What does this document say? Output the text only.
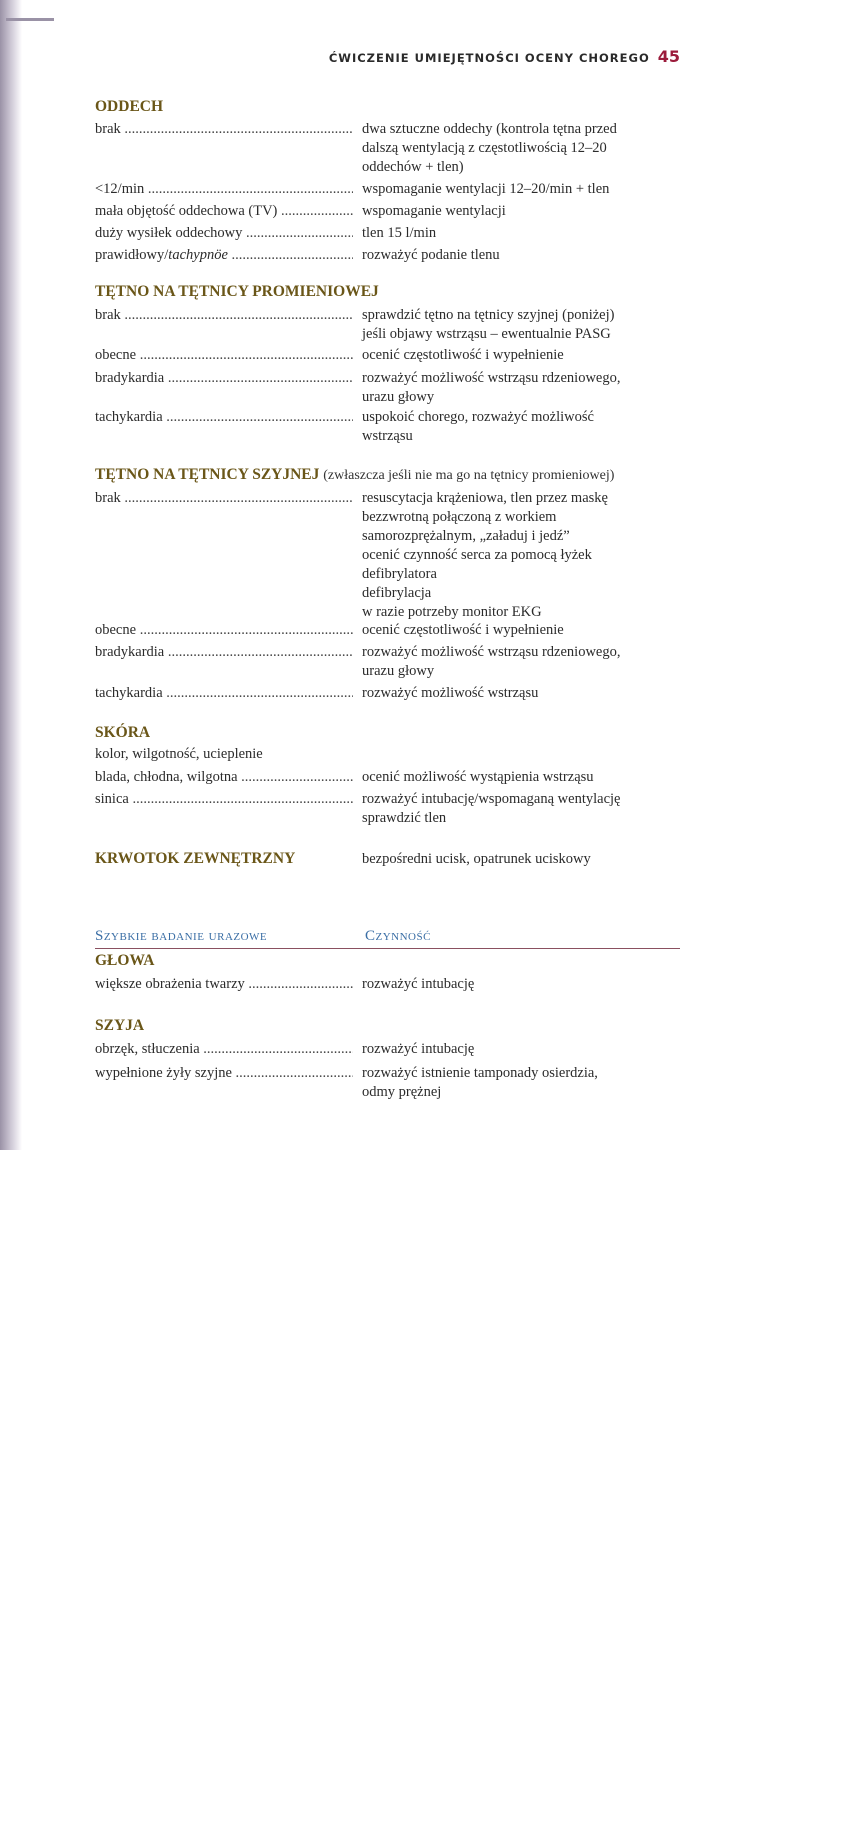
ĆWICZENIE UMIEJĘTNOŚCI OCENY CHOREGO 45
ODDECH
brak .....	dwa sztuczne oddechy (kontrola tętna przed
dalszą wentylacją z częstotliwością 12–20
oddechów + tlen)
<12/min .....	wspomaganie wentylacji 12–20/min + tlen
mała objętość oddechowa (TV) .....	wspomaganie wentylacji
duży wysiłek oddechowy .....	tlen 15 l/min
prawidłowy/tachypnöe .....	rozważyć podanie tlenu
TĘTNO NA TĘTNICY PROMIENIOWEJ
brak .....	sprawdzić tętno na tętnicy szyjnej (poniżej)
jeśli objawy wstrząsu – ewentualnie PASG
obecne .....	ocenić częstotliwość i wypełnienie
bradykardia .....	rozważyć możliwość wstrząsu rdzeniowego,
urazu głowy
tachykardia .....	uspokoić chorego, rozważyć możliwość
wstrząsu
TĘTNO NA TĘTNICY SZYJNEJ (zwłaszcza jeśli nie ma go na tętnicy promieniowej)
brak .....	resuscytacja krążeniowa, tlen przez maskę
bezzwrotną połączoną z workiem
samorozprężalnym, „załaduj i jedź”
ocenić czynność serca za pomocą łyżek
defibrylatora
defibrylacja
w razie potrzeby monitor EKG
obecne .....	ocenić częstotliwość i wypełnienie
bradykardia .....	rozważyć możliwość wstrząsu rdzeniowego,
urazu głowy
tachykardia .....	rozważyć możliwość wstrząsu
SKÓRA
kolor, wilgotność, ucieplenie
blada, chłodna, wilgotna .....	ocenić możliwość wystąpienia wstrząsu
sinica .....	rozważyć intubację/wspomaganą wentylację
sprawdzić tlen
KRWOTOK ZEWNĘTRZNY	bezpośredni ucisk, opatrunek uciskowy
Szybkie badanie urazowe	Czynność
GŁOWA
większe obrażenia twarzy .....	rozważyć intubację
SZYJA
obrzęk, stłuczenia .....	rozważyć intubację
wypełnione żyły szyjne .....	rozważyć istnienie tamponady osierdzia,
odmy prężnej
